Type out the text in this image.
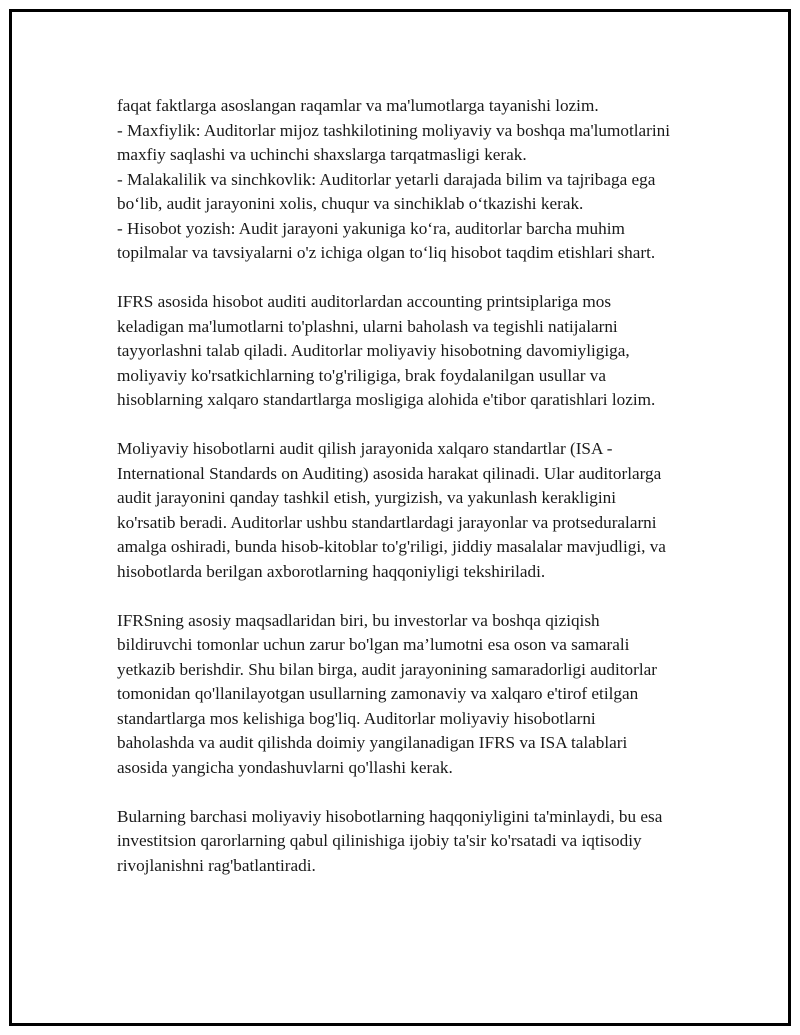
faqat faktlarga asoslangan raqamlar va ma'lumotlarga tayanishi lozim.
- Maxfiylik: Auditorlar mijoz tashkilotining moliyaviy va boshqa ma'lumotlarini maxfiy saqlashi va uchinchi shaxslarga tarqatmasligi kerak.
- Malakalilik va sinchkovlik: Auditorlar yetarli darajada bilim va tajribaga ega bo‘lib, audit jarayonini xolis, chuqur va sinchiklab o‘tkazishi kerak.
- Hisobot yozish: Audit jarayoni yakuniga ko‘ra, auditorlar barcha muhim topilmalar va tavsiyalarni o'z ichiga olgan to‘liq hisobot taqdim etishlari shart.

IFRS asosida hisobot auditi auditorlardan accounting printsiplariga mos keladigan ma'lumotlarni to'plashni, ularni baholash va tegishli natijalarni tayyorlashni talab qiladi. Auditorlar moliyaviy hisobotning davomiyligiga, moliyaviy ko'rsatkichlarning to'g'riligiga, brak foydalanilgan usullar va hisoblarning xalqaro standartlarga mosligiga alohida e'tibor qaratishlari lozim.

Moliyaviy hisobotlarni audit qilish jarayonida xalqaro standartlar (ISA - International Standards on Auditing) asosida harakat qilinadi. Ular auditorlarga audit jarayonini qanday tashkil etish, yurgizish, va yakunlash kerakligini ko'rsatib beradi. Auditorlar ushbu standartlardagi jarayonlar va protseduralarni amalga oshiradi, bunda hisob-kitoblar to'g'riligi, jiddiy masalalar mavjudligi, va hisobotlarda berilgan axborotlarning haqqoniyligi tekshiriladi.

IFRSning asosiy maqsadlaridan biri, bu investorlar va boshqa qiziqish bildiruvchi tomonlar uchun zarur bo'lgan ma’lumotni esa oson va samarali yetkazib berishdir. Shu bilan birga, audit jarayonining samaradorligi auditorlar tomonidan qo'llanilayotgan usullarning zamonaviy va xalqaro e'tirof etilgan standartlarga mos kelishiga bog'liq. Auditorlar moliyaviy hisobotlarni baholashda va audit qilishda doimiy yangilanadigan IFRS va ISA talablari asosida yangicha yondashuvlarni qo'llashi kerak.

Bularning barchasi moliyaviy hisobotlarning haqqoniyligini ta'minlaydi, bu esa investitsion qarorlarning qabul qilinishiga ijobiy ta'sir ko'rsatadi va iqtisodiy rivojlanishni rag'batlantiradi.
